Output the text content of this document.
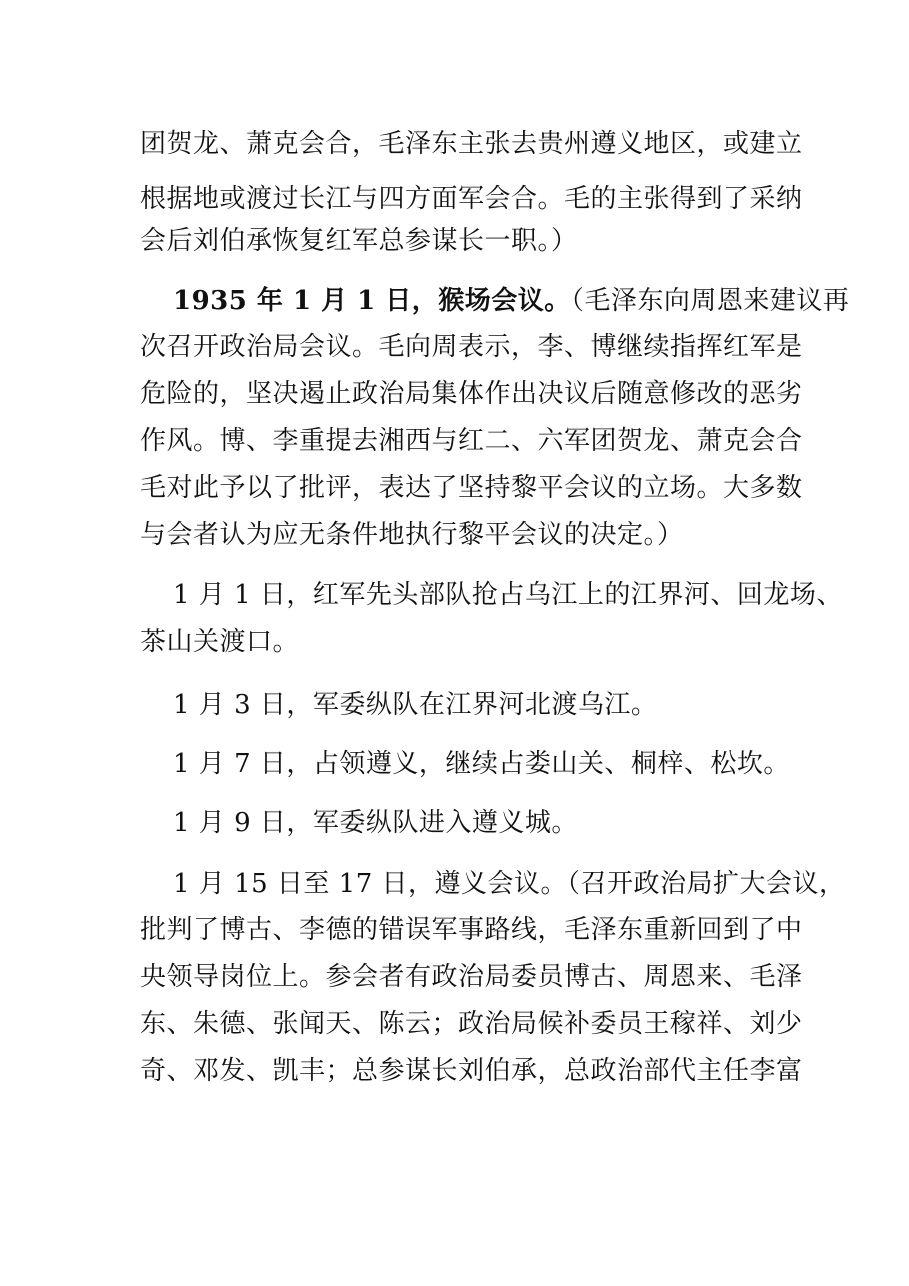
团贺龙、萧克会合，毛泽东主张去贵州遵义地区，或建立
根据地或渡过长江与四方面军会合。毛的主张得到了采纳
会后刘伯承恢复红军总参谋长一职。）
1935 年 1 月 1 日，猴场会议。（毛泽东向周恩来建议再
次召开政治局会议。毛向周表示，李、博继续指挥红军是
危险的，坚决遏止政治局集体作出决议后随意修改的恶劣
作风。博、李重提去湘西与红二、六军团贺龙、萧克会合
毛对此予以了批评，表达了坚持黎平会议的立场。大多数
与会者认为应无条件地执行黎平会议的决定。）
1 月 1 日，红军先头部队抢占乌江上的江界河、回龙场、
茶山关渡口。
1 月 3 日，军委纵队在江界河北渡乌江。
1 月 7 日，占领遵义，继续占娄山关、桐梓、松坎。
1 月 9 日，军委纵队进入遵义城。
1 月 15 日至 17 日，遵义会议。（召开政治局扩大会议，
批判了博古、李德的错误军事路线，毛泽东重新回到了中
央领导岗位上。参会者有政治局委员博古、周恩来、毛泽
东、朱德、张闻天、陈云；政治局候补委员王稼祥、刘少
奇、邓发、凯丰；总参谋长刘伯承，总政治部代主任李富
